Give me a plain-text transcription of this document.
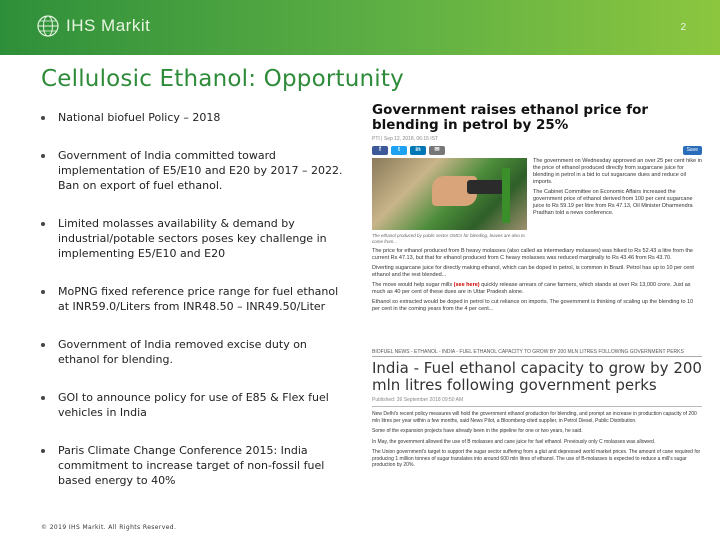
IHS Markit	2
Cellulosic Ethanol: Opportunity
National biofuel Policy – 2018
Government of India committed toward implementation of E5/E10 and E20 by 2017 – 2022. Ban on export of fuel ethanol.
Limited molasses availability & demand by industrial/potable sectors poses key challenge in implementing E5/E10 and E20
MoPNG fixed reference price range for fuel ethanol at INR59.0/Liters from INR48.50 – INR49.50/Liter
Government of India removed excise duty on ethanol for blending.
GOI to announce policy for use of E85 & Flex fuel vehicles in India
Paris Climate Change Conference 2015: India commitment to increase target of non-fossil fuel based energy to 40%
© 2019 IHS Markit. All Rights Reserved.
Government raises ethanol price for blending in petrol by 25%
PTI | Sep 12, 2018, 06:15 IST
f	t	in	✉
The ethanol produced by public sector OMCs for blending, leaves are also to come from...
Save
The government on Wednesday approved an over 25 per cent hike in the price of ethanol produced directly from sugarcane juice for blending in petrol in a bid to cut sugarcane dues and reduce oil imports.
The Cabinet Committee on Economic Affairs increased the government price of ethanol derived from 100 per cent sugarcane juice to Rs 59.19 per litre from Rs 47.13, Oil Minister Dharmendra Pradhan told a news conference.
The price for ethanol produced from B heavy molasses (also called as intermediary molasses) was hiked to Rs 52.43 a litre from the current Rs 47.13, but that for ethanol produced from C heavy molasses was reduced marginally to Rs 43.46 from Rs 43.70.
Diverting sugarcane juice for directly making ethanol, which can be doped in petrol, is common in Brazil. Petrol has up to 10 per cent ethanol and the rest blended...
The move would help sugar mills (see here) quickly release arrears of cane farmers, which stands at over Rs 13,000 crore. Just as much as 40 per cent of these dues are in Uttar Pradesh alone.
Ethanol so extracted would be doped in petrol to cut reliance on imports. The government is thinking of scaling up the blending to 10 per cent in the coming years from the 4 per cent...
BIOFUEL NEWS - ETHANOL - INDIA - FUEL ETHANOL CAPACITY TO GROW BY 200 MLN LITRES FOLLOWING GOVERNMENT PERKS
India - Fuel ethanol capacity to grow by 200 mln litres following government perks
Published: 26 September 2018 09:50 AM
New Delhi's recent policy measures will hold the government ethanol production for blending, and prompt an increase in production capacity of 200 mln litres per year within a few months, said News Pilot, a Bloomberg-cited supplier, in Petrol Diesel, Public Distribution.
Some of the expansion projects have already been in the pipeline for one or two years, he said.
In May, the government allowed the use of B molasses and cane juice for fuel ethanol. Previously only C molasses was allowed.
The Union government's target to support the sugar sector suffering from a glut and depressed world market prices. The amount of cane required for producing 1 million tonnes of sugar translates into around 600 mln litres of ethanol. The use of B-molasses is expected to reduce a mill's sugar production by 20%.
